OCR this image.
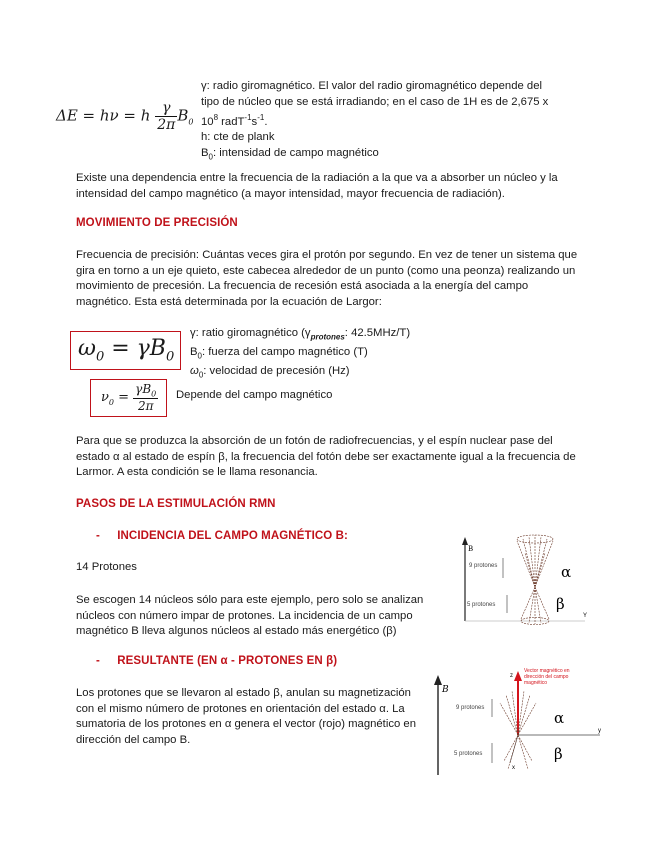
ΔE = hν = h $\frac{\gamma}{2\pi} B_0$
γ: radio giromagnético. El valor del radio giromagnético depende del
tipo de núcleo que se está irradiando; en el caso de 1H es de 2,675 x
$10^8$ $radT^{-1}s^{-1}$.
h: cte de plank
$B_0$: intensidad de campo magnético
Existe una dependencia entre la frecuencia de la radiación a la que va a absorber un núcleo y la intensidad del campo magnético (a mayor intensidad, mayor frecuencia de radiación).
MOVIMIENTO DE PRECISIÓN
Frecuencia de precisión: Cuántas veces gira el protón por segundo. En vez de tener un sistema que gira en torno a un eje quieto, este cabecea alrededor de un punto (como una peonza) realizando un movimiento de precesión. La frecuencia de recesión está asociada a la energía del campo magnético. Esta está determinada por la ecuación de Largor:
$\omega_0 = \gamma B_0$
γ: ratio giromagnético ($\gamma_{protones}$: 42.5MHz/T)
$B_0$: fuerza del campo magnético (T)
$\omega_0$: velocidad de precesión (Hz)
$\nu_0 = \frac{\gamma B_0}{2\pi}$ Depende del campo magnético
Para que se produzca la absorción de un fotón de radiofrecuencias, y el espín nuclear pase del estado α al estado de espín β, la frecuencia del fotón debe ser exactamente igual a la frecuencia de Larmor. A esta condición se le llama resonancia.
PASOS DE LA ESTIMULACIÓN RMN
- INCIDENCIA DEL CAMPO MAGNÉTICO B:
14 Protones
Se escogen 14 núcleos sólo para este ejemplo, pero solo se analizan núcleos con número impar de protones. La incidencia de un campo magnético B lleva algunos núcleos al estado más energético (β)
- RESULTANTE (EN α - PROTONES EN β)
Los protones que se llevaron al estado β, anulan su magnetización con el mismo número de protones en orientación del estado α. La sumatoria de los protones en α genera el vector (rojo) magnético en dirección del campo B.
B
Y
9 protones
5 protones
α
β
B
y
z
x
Vector magnético en
dirección del campo
magnético
9 protones
5 protones
α
β
